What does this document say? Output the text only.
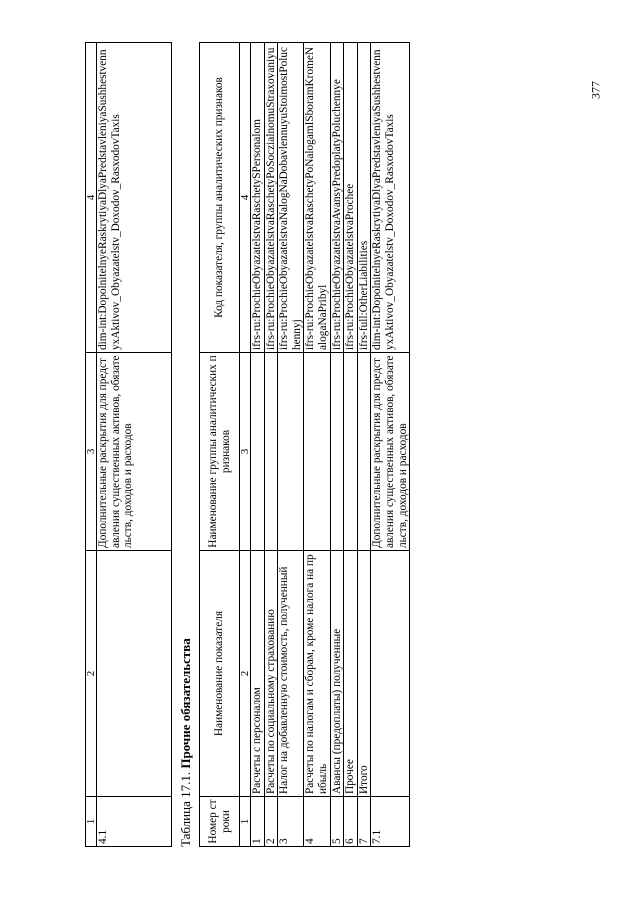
377
1	2	3	4
4.1		Дополнительные раскрытия для представления существенных активов, обязательств, доходов и расходов	dim-int:DopolnitelnyeRaskrytiyaDlyaPredstavleniyaSushhestvennyxAktivov_Obyazatelstv_Doxodov_RasxodovTaxis
Таблица 17.1. Прочие обязательства
Номер строки	Наименование показателя	Наименование группы аналитических признаков	Код показателя, группы аналитических признаков
1	2	3	4
1	Расчеты с персоналом		ifrs-ru:ProchieObyazatelstvaRaschetySPersonalom
2	Расчеты по социальному страхованию		ifrs-ru:ProchieObyazatelstvaRaschetyPoSoczialnomuStraxovaniyu
3	Налог на добавленную стоимость, полученный		ifrs-ru:ProchieObyazatelstvaNalogNaDobavlennuyuStoimostPoluchennyj
4	Расчеты по налогам и сборам, кроме налога на прибыль		ifrs-ru:ProchieObyazatelstvaRaschetyPoNalogamISboramKromeNalogaNaPribyl
5	Авансы (предоплаты) полученные		ifrs-ru:ProchieObyazatelstvaAvansyPredoplatyPoluchennye
6	Прочее		ifrs-ru:ProchieObyazatelstvaProchee
7	Итого		ifrs-full:OtherLiabilities
7.1		Дополнительные раскрытия для представления существенных активов, обязательств, доходов и расходов	dim-int:DopolnitelnyeRaskrytiyaDlyaPredstavleniyaSushhestvennyxAktivov_Obyazatelstv_Doxodov_RasxodovTaxis
